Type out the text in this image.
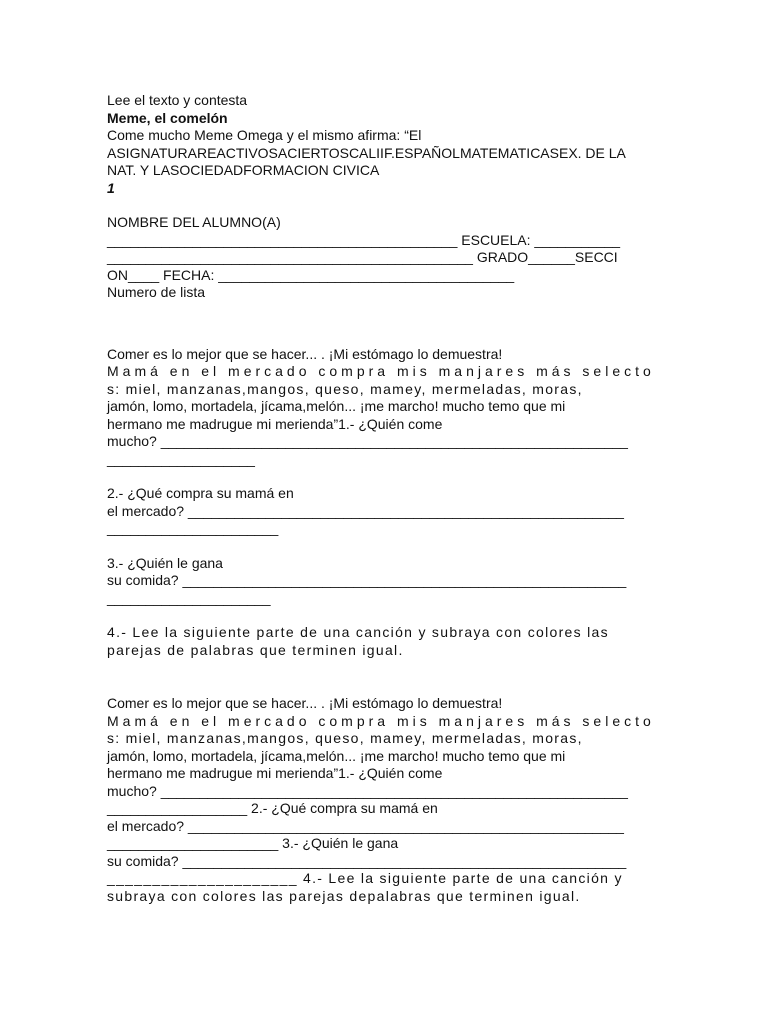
Lee el texto y contesta
Meme, el comelón
Come mucho Meme Omega y el mismo afirma: “El
ASIGNATURAREACTIVOSACIERTOSCALIIF.ESPAÑOLMATEMATICASEX. DE LA
NAT. Y LASOCIEDADFORMACION CIVICA
1
NOMBRE DEL ALUMNO(A)
_____________________________________________ ESCUELA: ___________
_______________________________________________ GRADO______SECCI
ON____ FECHA: ______________________________________
Numero de lista
Comer es lo mejor que se hacer... . ¡Mi estómago lo demuestra!
Mamá en el mercado compra mis manjares más selecto
s: miel, manzanas,mangos, queso, mamey, mermeladas, moras,
jamón, lomo, mortadela, jícama,melón... ¡me marcho! mucho temo que mi
hermano me madrugue mi merienda”1.- ¿Quién come
mucho? ____________________________________________________________
___________________
2.- ¿Qué compra su mamá en
el mercado? ________________________________________________________
______________________
3.- ¿Quién le gana
su comida? _________________________________________________________
_____________________
4.- Lee la siguiente parte de una canción y subraya con colores las
parejas de palabras que terminen igual.
Comer es lo mejor que se hacer... . ¡Mi estómago lo demuestra!
Mamá en el mercado compra mis manjares más selecto
s: miel, manzanas,mangos, queso, mamey, mermeladas, moras,
jamón, lomo, mortadela, jícama,melón... ¡me marcho! mucho temo que mi
hermano me madrugue mi merienda”1.- ¿Quién come
mucho? ____________________________________________________________
__________________ 2.- ¿Qué compra su mamá en
el mercado? ________________________________________________________
______________________ 3.- ¿Quién le gana
su comida? _________________________________________________________
_____________________ 4.- Lee la siguiente parte de una canción y
subraya con colores las parejas depalabras que terminen igual.
